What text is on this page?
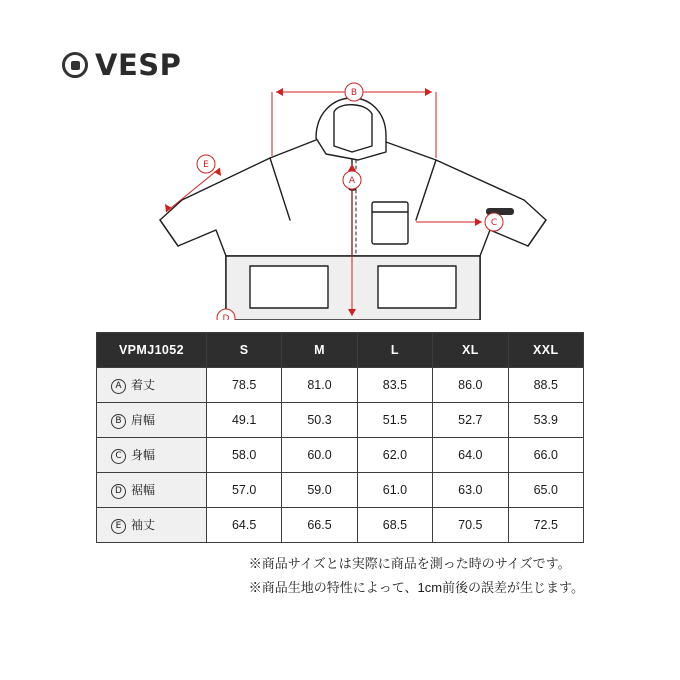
VESP
B
A
C
D
E
VPMJ1052	S	M	L	XL	XXL
A 着丈	78.5	81.0	83.5	86.0	88.5
B 肩幅	49.1	50.3	51.5	52.7	53.9
C 身幅	58.0	60.0	62.0	64.0	66.0
D 裾幅	57.0	59.0	61.0	63.0	65.0
E 袖丈	64.5	66.5	68.5	70.5	72.5
※商品サイズとは実際に商品を測った時のサイズです。
※商品生地の特性によって、1cm前後の誤差が生じます。
